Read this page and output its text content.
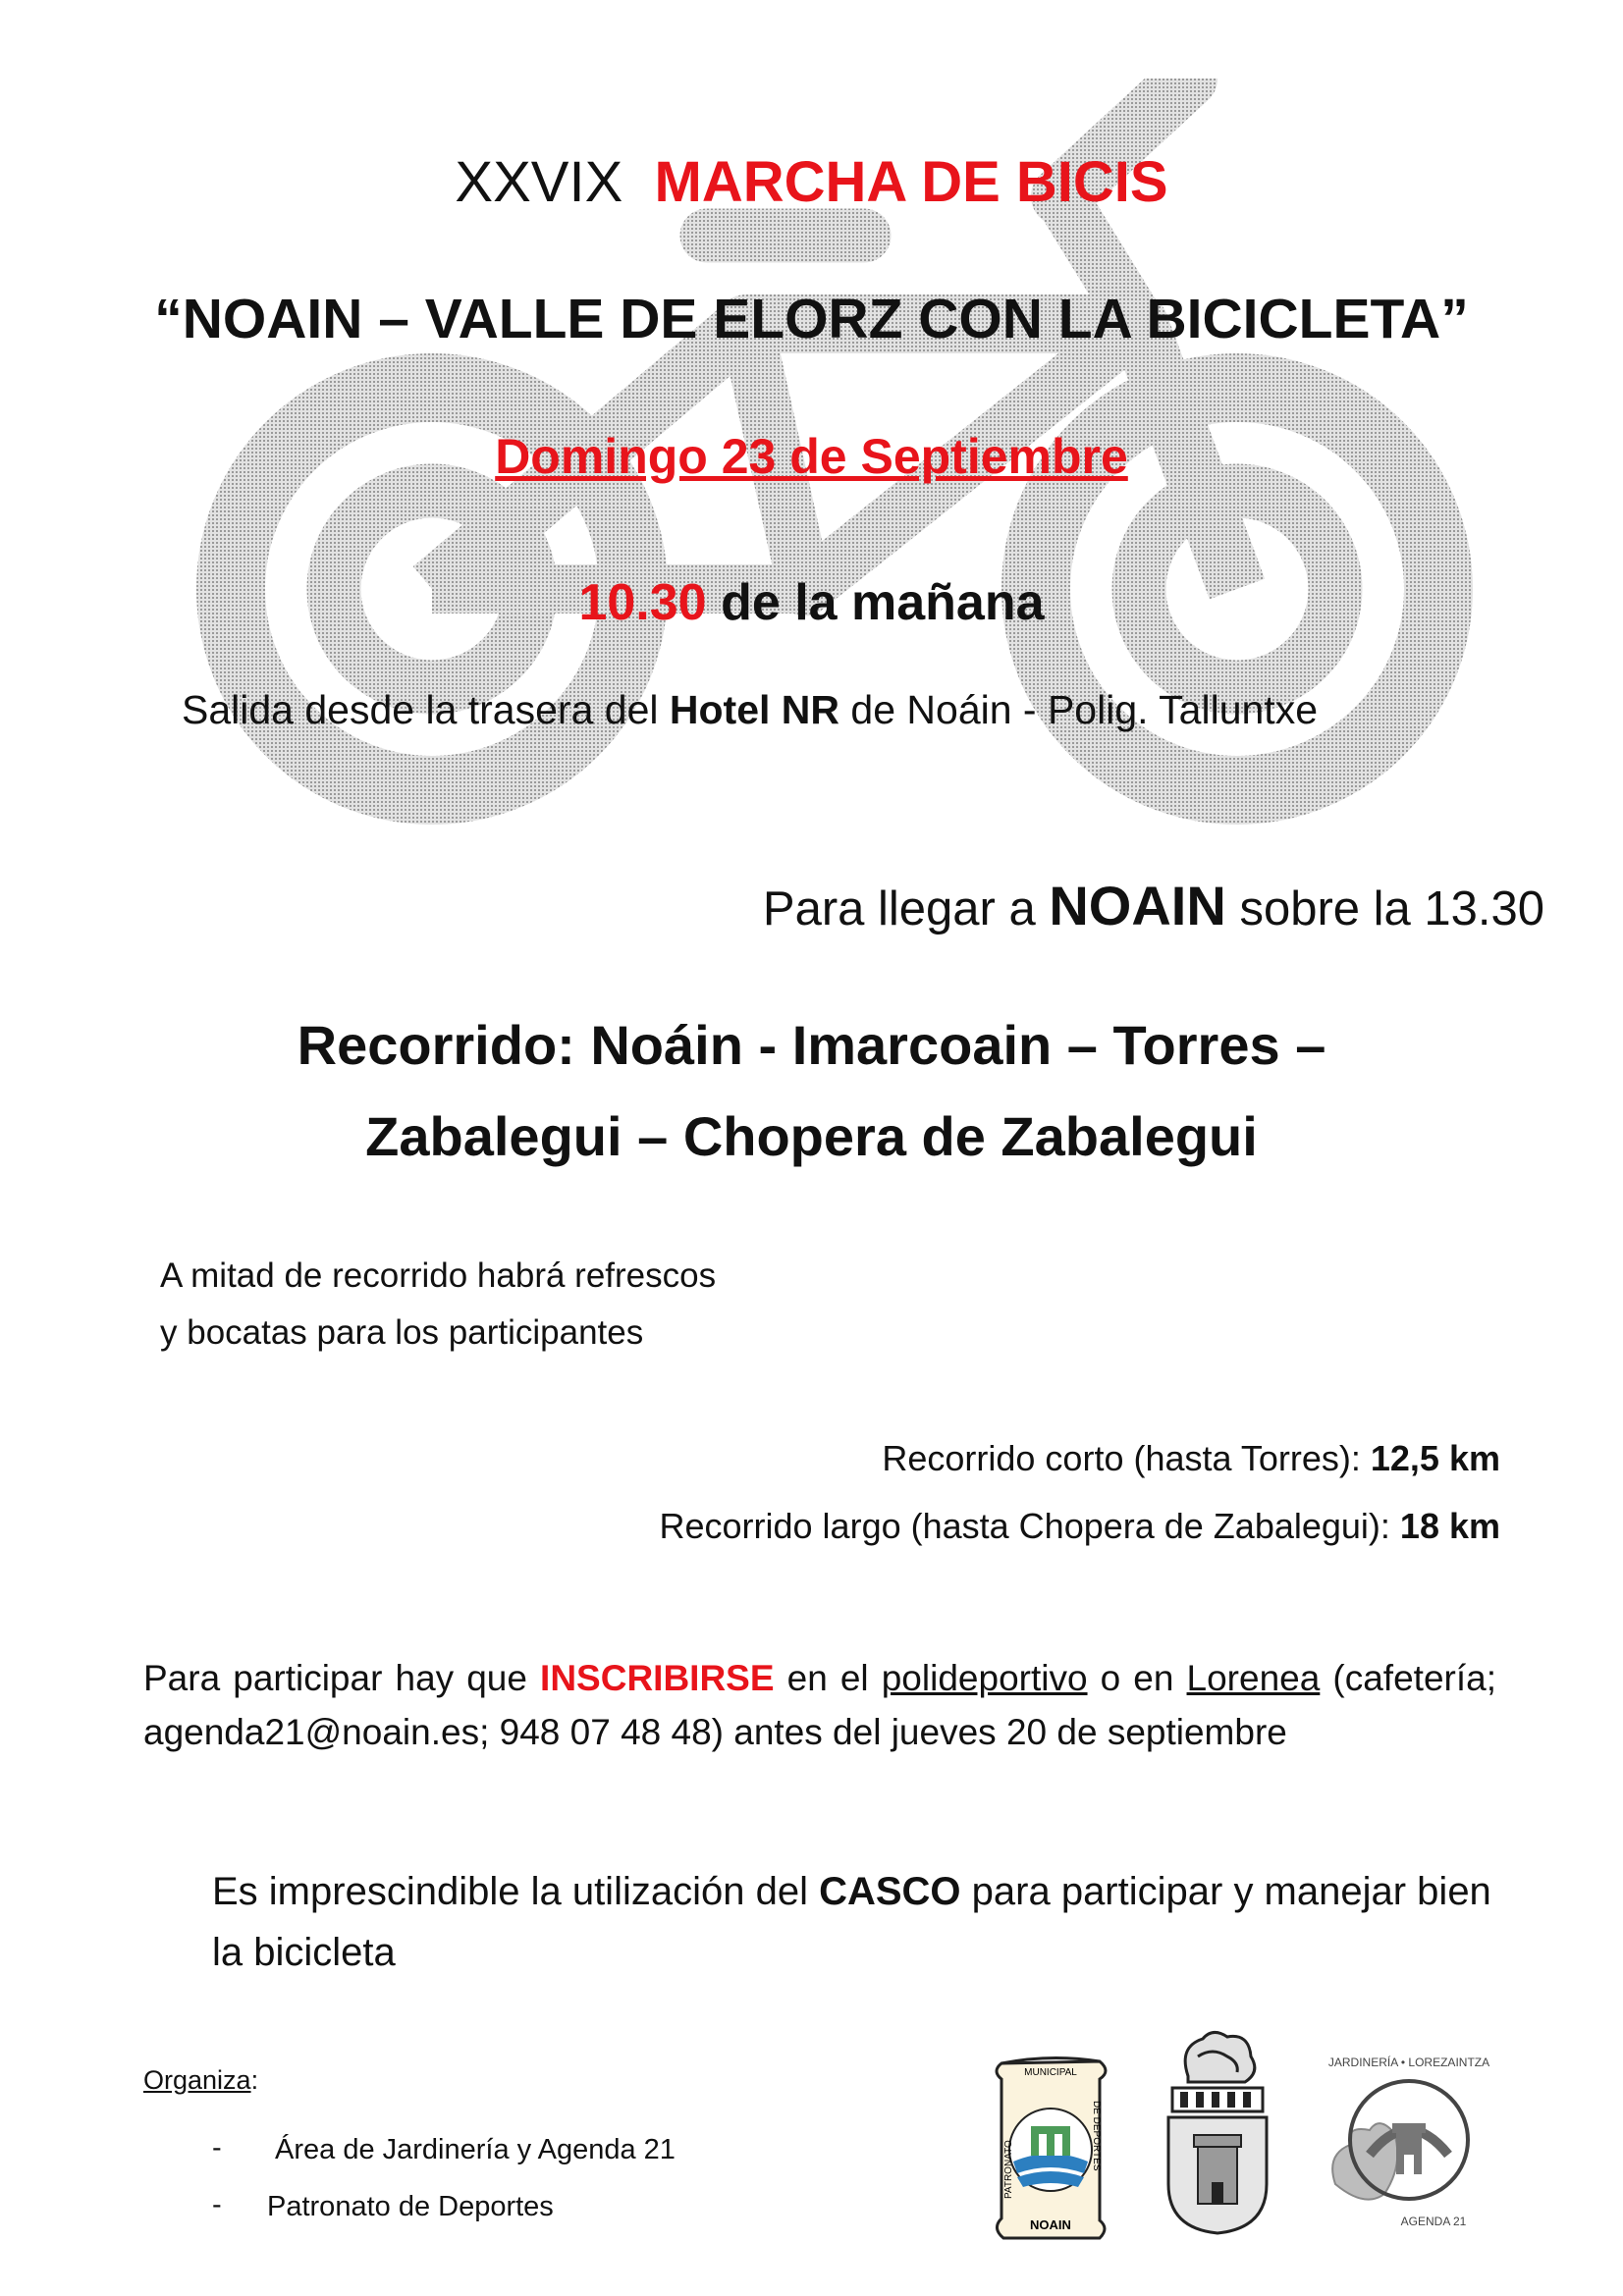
XXVIX MARCHA DE BICIS
“NOAIN – VALLE DE ELORZ CON LA BICICLETA”
Domingo 23 de Septiembre
10.30 de la mañana
Salida desde la trasera del Hotel NR de Noáin - Polig. Talluntxe
Para llegar a NOAIN sobre la 13.30
Recorrido: Noáin - Imarcoain – Torres –
Zabalegui – Chopera de Zabalegui
A mitad de recorrido habrá refrescos
y bocatas para los participantes
Recorrido corto (hasta Torres): 12,5 km
Recorrido largo (hasta Chopera de Zabalegui): 18 km
Para participar hay que INSCRIBIRSE en el polideportivo o en Lorenea (cafetería; agenda21@noain.es; 948 07 48 48) antes del jueves 20 de septiembre
Es imprescindible la utilización del CASCO para participar y manejar bien la bicicleta
Organiza:
- Área de Jardinería y Agenda 21
- Patronato de Deportes
MUNICIPAL
PATRONATO	DE DEPORTES
NOAIN
JARDINERÍA • LOREZAINTZA
AGENDA 21
